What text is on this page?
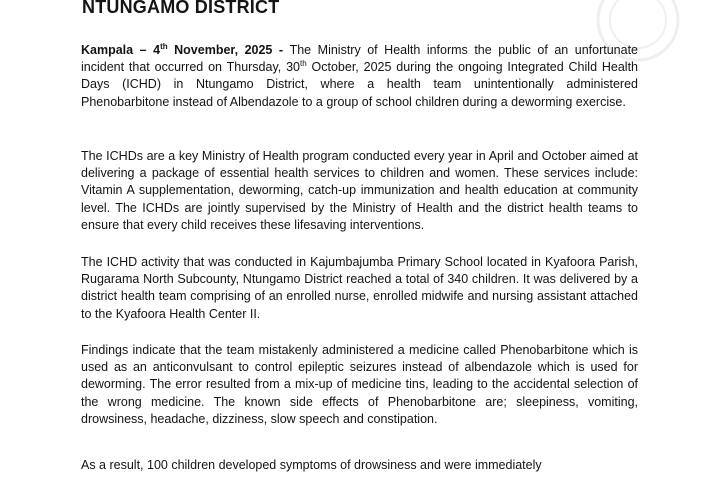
NTUNGAMO DISTRICT

Kampala – 4th November, 2025 - The Ministry of Health informs the public of an unfortunate incident that occurred on Thursday, 30th October, 2025 during the ongoing Integrated Child Health Days (ICHD) in Ntungamo District, where a health team unintentionally administered Phenobarbitone instead of Albendazole to a group of school children during a deworming exercise.

The ICHDs are a key Ministry of Health program conducted every year in April and October aimed at delivering a package of essential health services to children and women. These services include: Vitamin A supplementation, deworming, catch-up immunization and health education at community level. The ICHDs are jointly supervised by the Ministry of Health and the district health teams to ensure that every child receives these lifesaving interventions.

The ICHD activity that was conducted in Kajumbajumba Primary School located in Kyafoora Parish, Rugarama North Subcounty, Ntungamo District reached a total of 340 children. It was delivered by a district health team comprising of an enrolled nurse, enrolled midwife and nursing assistant attached to the Kyafoora Health Center II.

Findings indicate that the team mistakenly administered a medicine called Phenobarbitone which is used as an anticonvulsant to control epileptic seizures instead of albendazole which is used for deworming. The error resulted from a mix-up of medicine tins, leading to the accidental selection of the wrong medicine. The known side effects of Phenobarbitone are; sleepiness, vomiting, drowsiness, headache, dizziness, slow speech and constipation.

As a result, 100 children developed symptoms of drowsiness and were immediately
